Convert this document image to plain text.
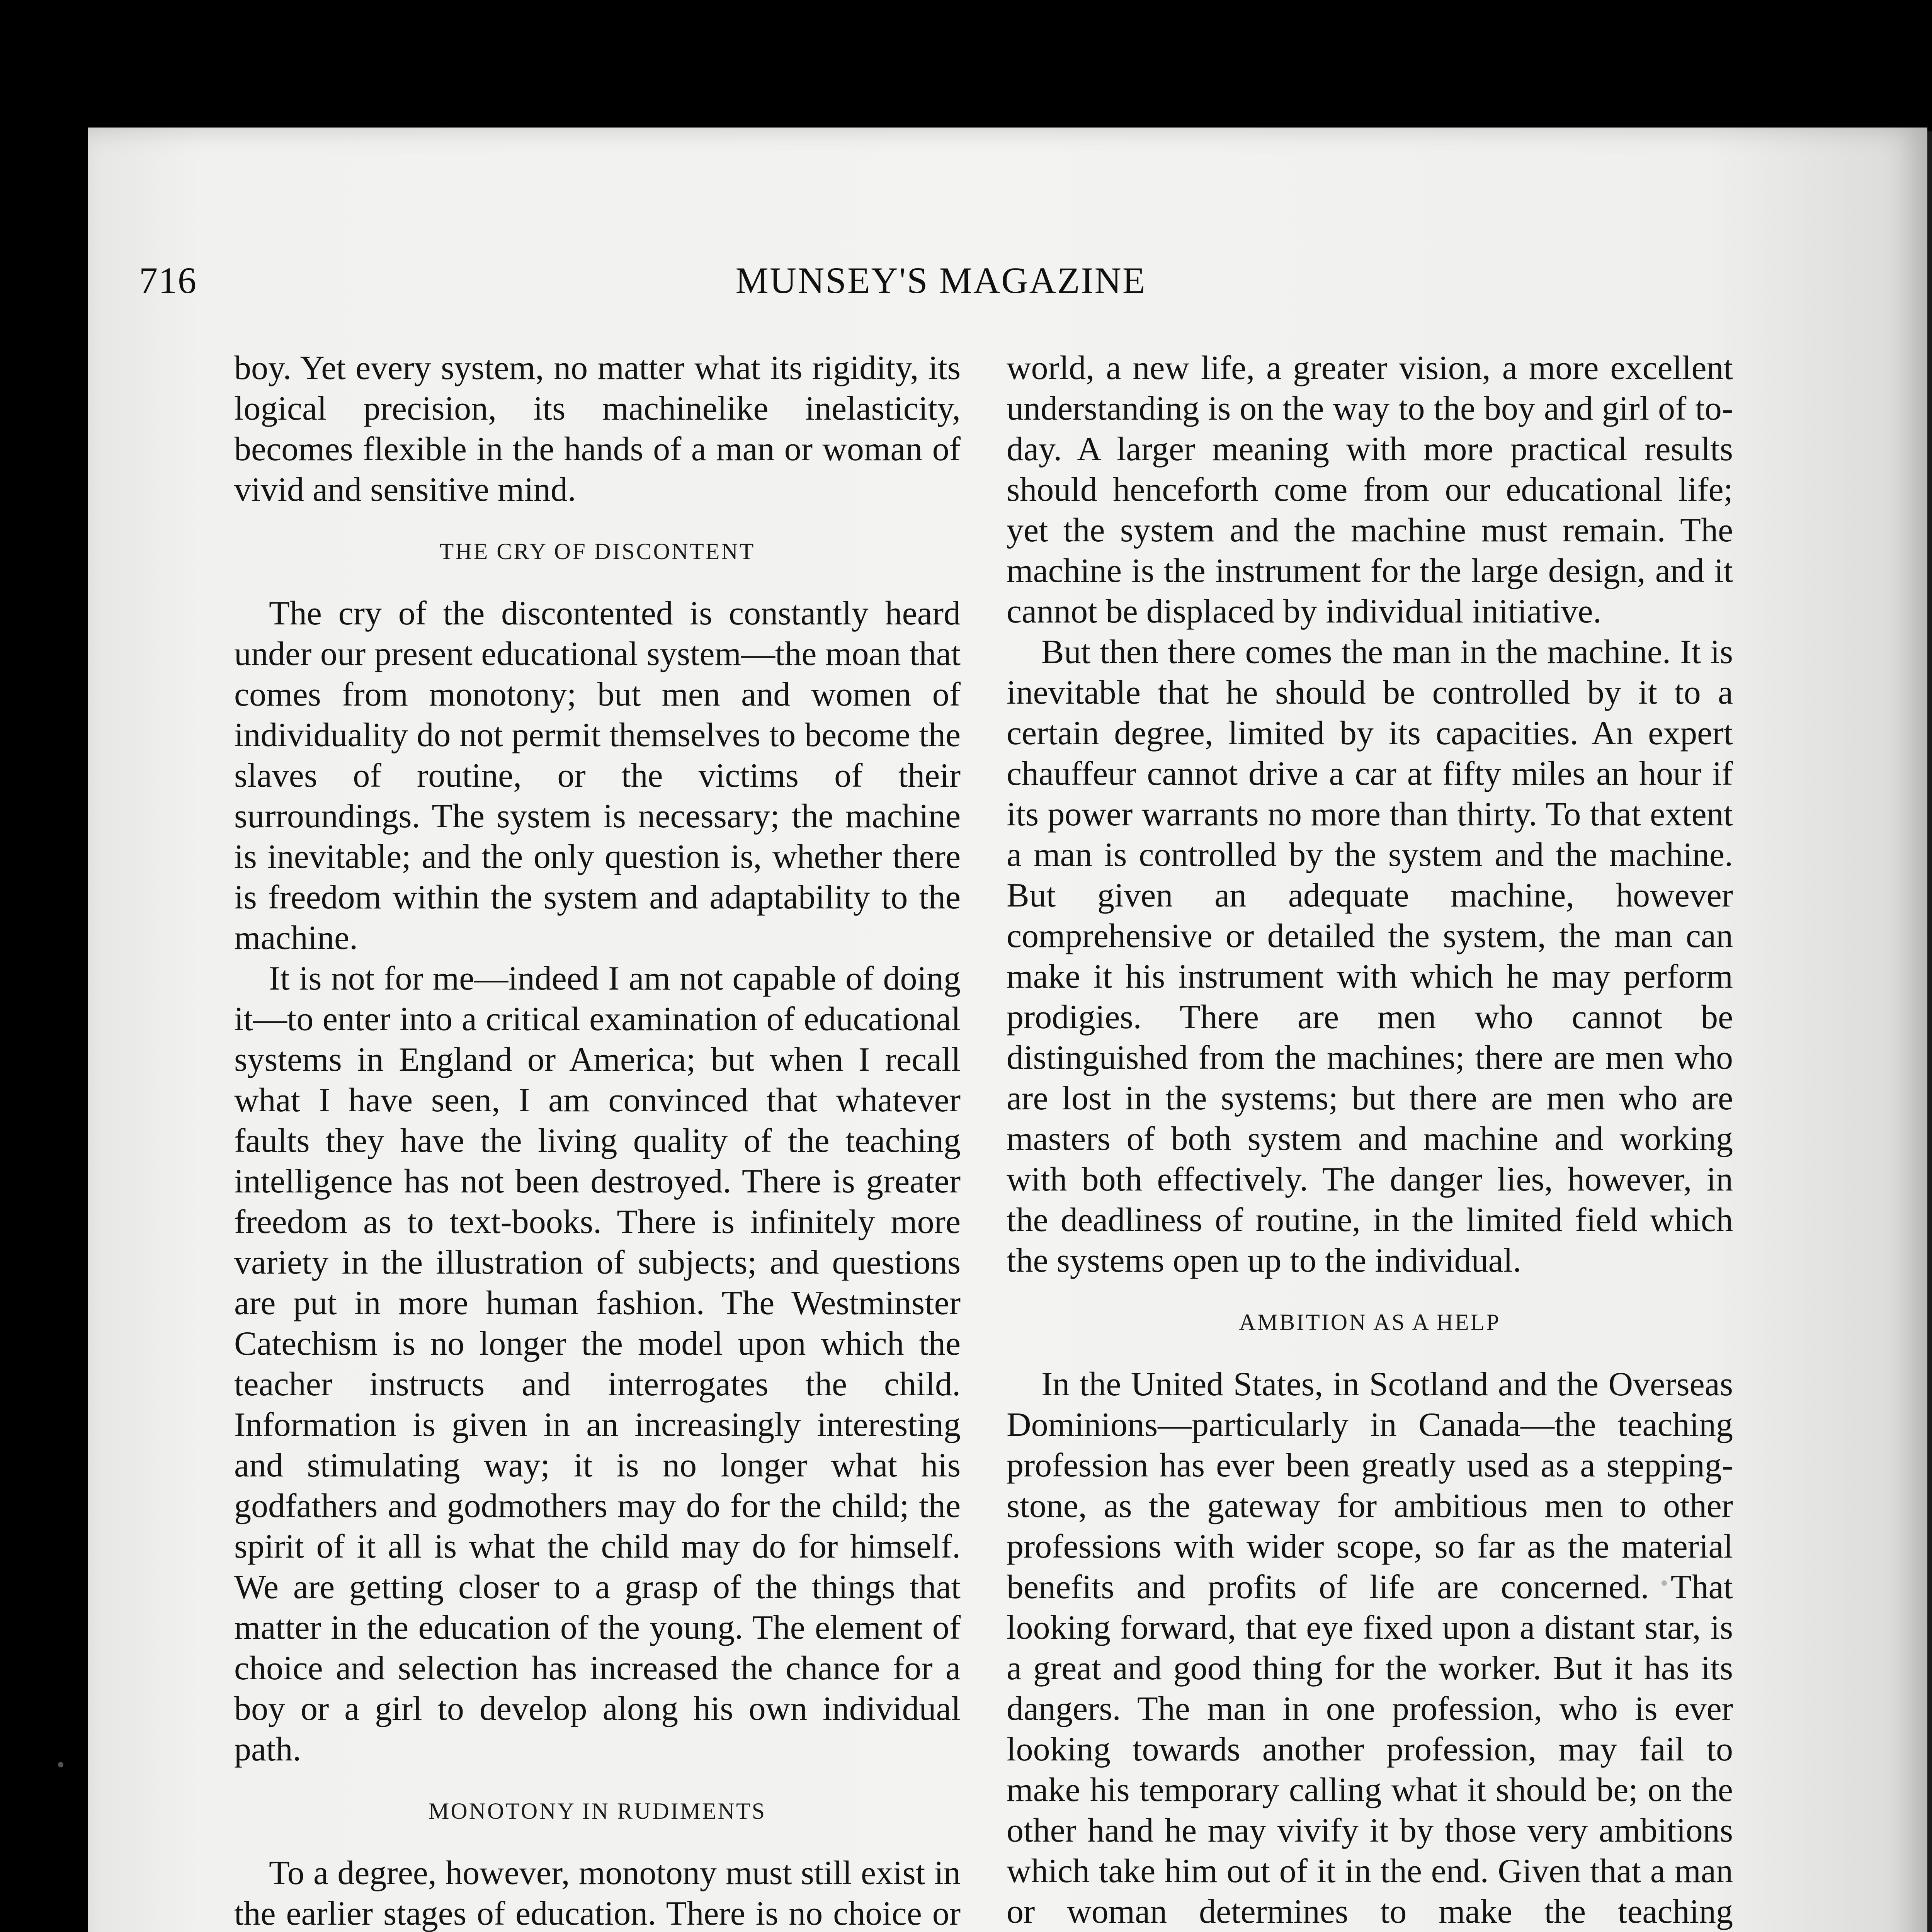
716	MUNSEY'S MAGAZINE

boy. Yet every system, no matter what its rigidity, its logical precision, its machinelike inelasticity, becomes flexible in the hands of a man or woman of vivid and sensitive mind.

THE CRY OF DISCONTENT

The cry of the discontented is constantly heard under our present educational system—the moan that comes from monotony; but men and women of individuality do not permit themselves to become the slaves of routine, or the victims of their surroundings. The system is necessary; the machine is inevitable; and the only question is, whether there is freedom within the system and adaptability to the machine.

It is not for me—indeed I am not capable of doing it—to enter into a critical examination of educational systems in England or America; but when I recall what I have seen, I am convinced that whatever faults they have the living quality of the teaching intelligence has not been destroyed. There is greater freedom as to text-books. There is infinitely more variety in the illustration of subjects; and questions are put in more human fashion. The Westminster Catechism is no longer the model upon which the teacher instructs and interrogates the child. Information is given in an increasingly interesting and stimulating way; it is no longer what his godfathers and godmothers may do for the child; the spirit of it all is what the child may do for himself. We are getting closer to a grasp of the things that matter in the education of the young. The element of choice and selection has increased the chance for a boy or a girl to develop along his own individual path.

MONOTONY IN RUDIMENTS

To a degree, however, monotony must still exist in the earlier stages of education. There is no choice or

world, a new life, a greater vision, a more excellent understanding is on the way to the boy and girl of to-day. A larger meaning with more practical results should henceforth come from our educational life; yet the system and the machine must remain. The machine is the instrument for the large design, and it cannot be displaced by individual initiative.

But then there comes the man in the machine. It is inevitable that he should be controlled by it to a certain degree, limited by its capacities. An expert chauffeur cannot drive a car at fifty miles an hour if its power warrants no more than thirty. To that extent a man is controlled by the system and the machine. But given an adequate machine, however comprehensive or detailed the system, the man can make it his instrument with which he may perform prodigies. There are men who cannot be distinguished from the machines; there are men who are lost in the systems; but there are men who are masters of both system and machine and working with both effectively. The danger lies, however, in the deadliness of routine, in the limited field which the systems open up to the individual.

AMBITION AS A HELP

In the United States, in Scotland and the Overseas Dominions—particularly in Canada—the teaching profession has ever been greatly used as a stepping-stone, as the gateway for ambitious men to other professions with wider scope, so far as the material benefits and profits of life are concerned. That looking forward, that eye fixed upon a distant star, is a great and good thing for the worker. But it has its dangers. The man in one profession, who is ever looking towards another profession, may fail to make his temporary calling what it should be; on the other hand he may vivify it by those very ambitions which take him out of it in the end. Given that a man or woman determines to make the teaching
